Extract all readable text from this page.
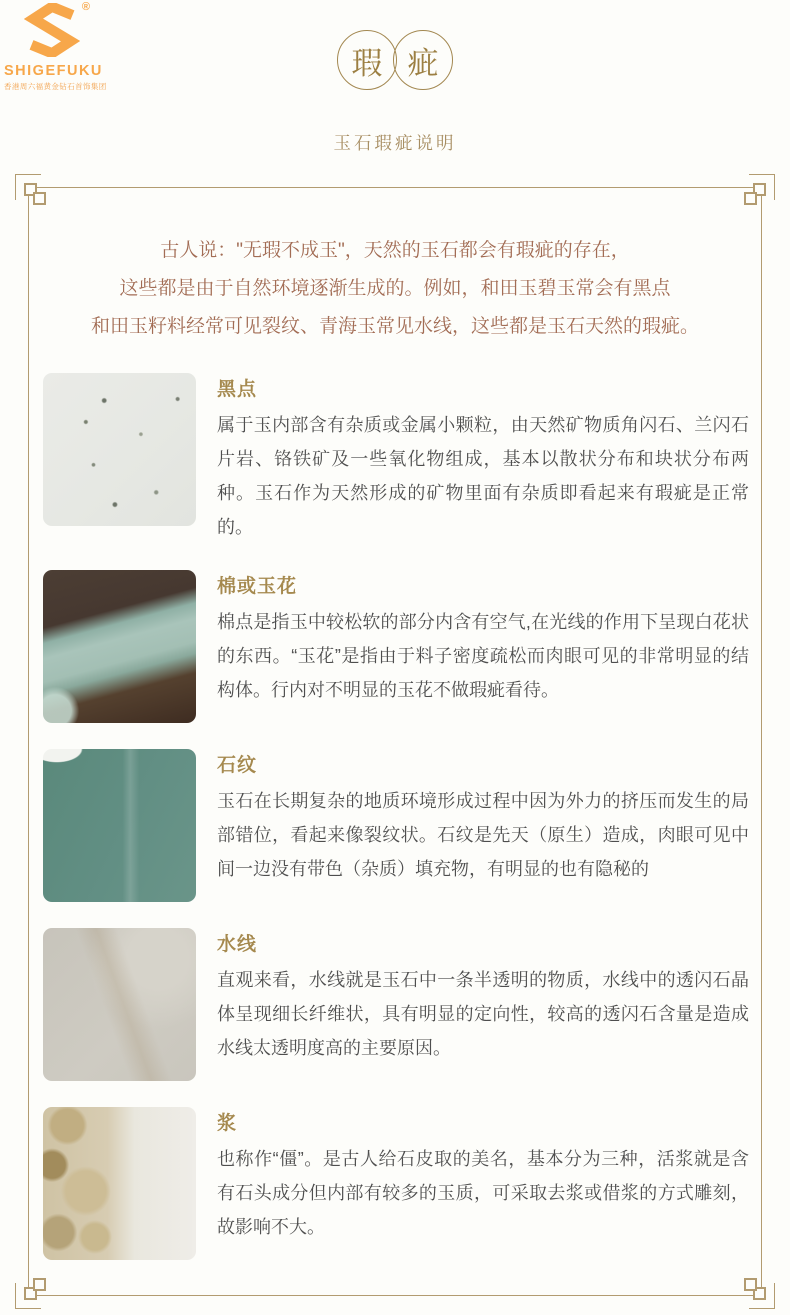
®
SHIGEFUKU
香港周六福黄金钻石首饰集团
瑕 疵
玉石瑕疵说明
古人说："无瑕不成玉"，天然的玉石都会有瑕疵的存在，
这些都是由于自然环境逐渐生成的。例如，和田玉碧玉常会有黑点
和田玉籽料经常可见裂纹、青海玉常见水线，这些都是玉石天然的瑕疵。
黑点
属于玉内部含有杂质或金属小颗粒，由天然矿物质角闪石、兰闪石片岩、铬铁矿及一些氧化物组成，基本以散状分布和块状分布两种。玉石作为天然形成的矿物里面有杂质即看起来有瑕疵是正常的。
棉或玉花
棉点是指玉中较松软的部分内含有空气,在光线的作用下呈现白花状的东西。“玉花”是指由于料子密度疏松而肉眼可见的非常明显的结构体。行内对不明显的玉花不做瑕疵看待。
石纹
玉石在长期复杂的地质环境形成过程中因为外力的挤压而发生的局部错位，看起来像裂纹状。石纹是先天（原生）造成，肉眼可见中间一边没有带色（杂质）填充物，有明显的也有隐秘的
水线
直观来看，水线就是玉石中一条半透明的物质，水线中的透闪石晶体呈现细长纤维状，具有明显的定向性，较高的透闪石含量是造成水线太透明度高的主要原因。
浆
也称作“僵”。是古人给石皮取的美名，基本分为三种，活浆就是含有石头成分但内部有较多的玉质，可采取去浆或借浆的方式雕刻，故影响不大。
